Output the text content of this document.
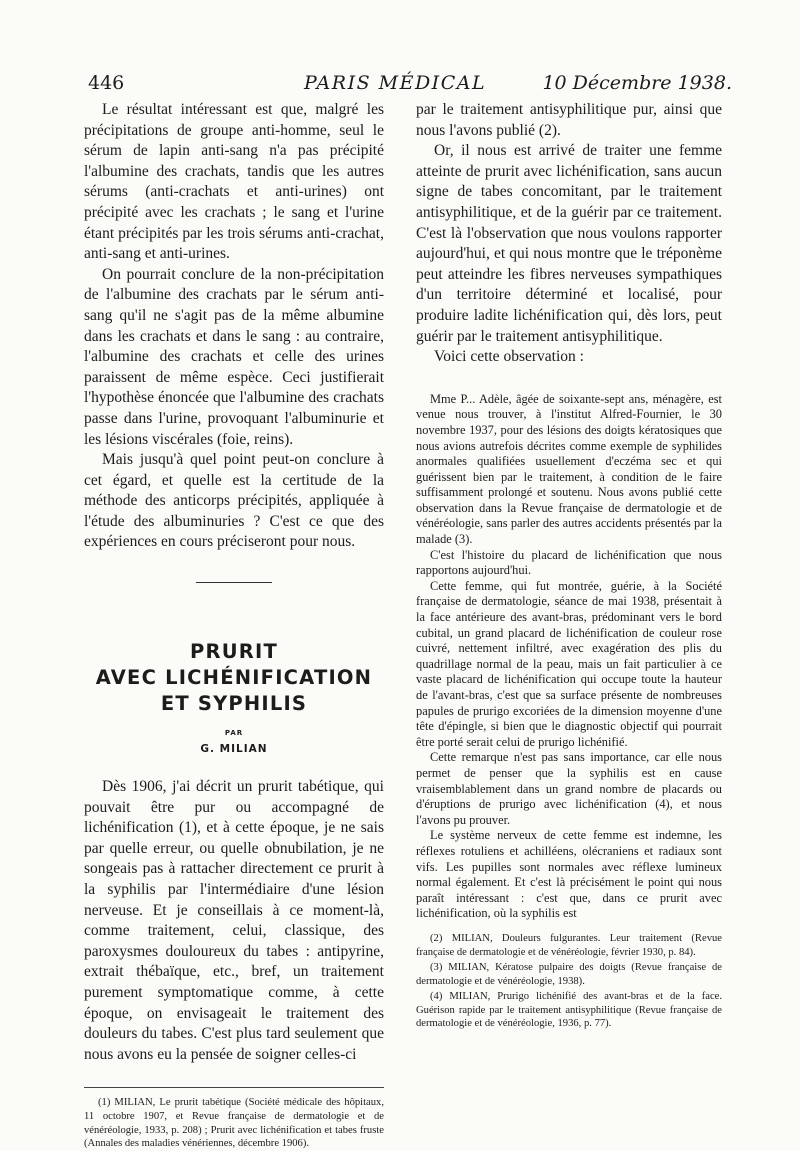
446	PARIS MÉDICAL	10 Décembre 1938.

Le résultat intéressant est que, malgré les précipitations de groupe anti-homme, seul le sérum de lapin anti-sang n'a pas précipité l'albumine des crachats, tandis que les autres sérums (anti-crachats et anti-urines) ont précipité avec les crachats ; le sang et l'urine étant précipités par les trois sérums anti-crachat, anti-sang et anti-urines.

On pourrait conclure de la non-précipitation de l'albumine des crachats par le sérum anti-sang qu'il ne s'agit pas de la même albumine dans les crachats et dans le sang : au contraire, l'albumine des crachats et celle des urines paraissent de même espèce. Ceci justifierait l'hypothèse énoncée que l'albumine des crachats passe dans l'urine, provoquant l'albuminurie et les lésions viscérales (foie, reins).

Mais jusqu'à quel point peut-on conclure à cet égard, et quelle est la certitude de la méthode des anticorps précipités, appliquée à l'étude des albuminuries ? C'est ce que des expériences en cours préciseront pour nous.

PRURIT
AVEC LICHÉNIFICATION
ET SYPHILIS
PAR
G. MILIAN

Dès 1906, j'ai décrit un prurit tabétique, qui pouvait être pur ou accompagné de lichénification (1), et à cette époque, je ne sais par quelle erreur, ou quelle obnubilation, je ne songeais pas à rattacher directement ce prurit à la syphilis par l'intermédiaire d'une lésion nerveuse. Et je conseillais à ce moment-là, comme traitement, celui, classique, des paroxysmes douloureux du tabes : antipyrine, extrait thébaïque, etc., bref, un traitement purement symptomatique comme, à cette époque, on envisageait le traitement des douleurs du tabes. C'est plus tard seulement que nous avons eu la pensée de soigner celles-ci

(1) MILIAN, Le prurit tabétique (Société médicale des hôpitaux, 11 octobre 1907, et Revue française de dermatologie et de vénéréologie, 1933, p. 208) ; Prurit avec lichénification et tabes fruste (Annales des maladies vénériennes, décembre 1906).

par le traitement antisyphilitique pur, ainsi que nous l'avons publié (2).

Or, il nous est arrivé de traiter une femme atteinte de prurit avec lichénification, sans aucun signe de tabes concomitant, par le traitement antisyphilitique, et de la guérir par ce traitement. C'est là l'observation que nous voulons rapporter aujourd'hui, et qui nous montre que le tréponème peut atteindre les fibres nerveuses sympathiques d'un territoire déterminé et localisé, pour produire ladite lichénification qui, dès lors, peut guérir par le traitement antisyphilitique.

Voici cette observation :

Mme P... Adèle, âgée de soixante-sept ans, ménagère, est venue nous trouver, à l'institut Alfred-Fournier, le 30 novembre 1937, pour des lésions des doigts kératosiques que nous avions autrefois décrites comme exemple de syphilides anormales qualifiées usuellement d'eczéma sec et qui guérissent bien par le traitement, à condition de le faire suffisamment prolongé et soutenu. Nous avons publié cette observation dans la Revue française de dermatologie et de vénéréologie, sans parler des autres accidents présentés par la malade (3).

C'est l'histoire du placard de lichénification que nous rapportons aujourd'hui.

Cette femme, qui fut montrée, guérie, à la Société française de dermatologie, séance de mai 1938, présentait à la face antérieure des avant-bras, prédominant vers le bord cubital, un grand placard de lichénification de couleur rose cuivré, nettement infiltré, avec exagération des plis du quadrillage normal de la peau, mais un fait particulier à ce vaste placard de lichénification qui occupe toute la hauteur de l'avant-bras, c'est que sa surface présente de nombreuses papules de prurigo excoriées de la dimension moyenne d'une tête d'épingle, si bien que le diagnostic objectif qui pourrait être porté serait celui de prurigo lichénifié.

Cette remarque n'est pas sans importance, car elle nous permet de penser que la syphilis est en cause vraisemblablement dans un grand nombre de placards ou d'éruptions de prurigo avec lichénification (4), et nous l'avons pu prouver.

Le système nerveux de cette femme est indemne, les réflexes rotuliens et achilléens, olécraniens et radiaux sont vifs. Les pupilles sont normales avec réflexe lumineux normal également. Et c'est là précisément le point qui nous paraît intéressant : c'est que, dans ce prurit avec lichénification, où la syphilis est

(2) MILIAN, Douleurs fulgurantes. Leur traitement (Revue française de dermatologie et de vénéréologie, février 1930, p. 84).

(3) MILIAN, Kératose pulpaire des doigts (Revue française de dermatologie et de vénéréologie, 1938).

(4) MILIAN, Prurigo lichénifié des avant-bras et de la face. Guérison rapide par le traitement antisyphilitique (Revue française de dermatologie et de vénéréologie, 1936, p. 77).
